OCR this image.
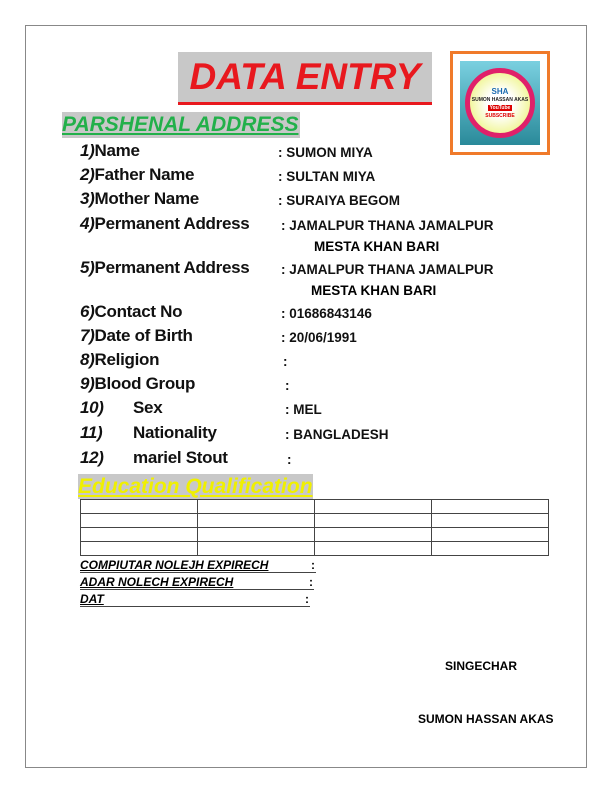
DATA ENTRY
PARSHENAL ADDRESS
SHA
SUMON HASSAN AKAS
YouTube
SUBSCRIBE
1)Name	: SUMON MIYA
2)Father Name	: SULTAN MIYA
3)Mother Name	: SURAIYA BEGOM
4)Permanent Address : JAMALPUR THANA JAMALPUR
MESTA KHAN BARI
5)Permanent Address : JAMALPUR THANA JAMALPUR
MESTA KHAN BARI
6)Contact No	: 01686843146
7)Date of Birth	: 20/06/1991
8)Religion	:
9)Blood Group	:
10) Sex	: MEL
11) Nationality	: BANGLADESH
12) mariel Stout	:
Education Qualification

COMPIUTAR NOLEJH EXPIRECH	:
ADAR NOLECH EXPIRECH	:
DAT	:
SINGECHAR
SUMON HASSAN AKAS
